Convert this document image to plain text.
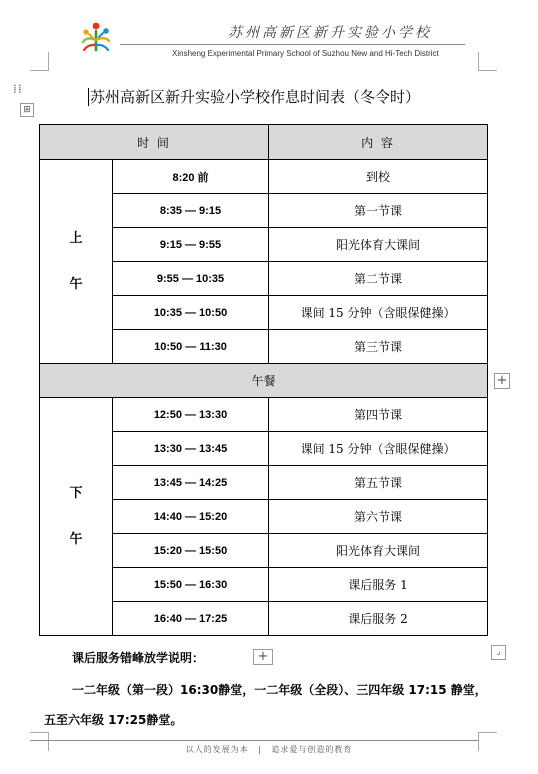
苏州高新区新升实验小学校
Xinsheng Experimental Primary School of Suzhou New and Hi-Tech District
⁞⁞
⊞
苏州高新区新升实验小学校作息时间表（冬令时）
时 间		内 容

上
午	8:20 前	到校
	8:35 — 9:15	第一节课
	9:15 — 9:55	阳光体育大课间
	9:55 — 10:35	第二节课
	10:35 — 10:50	课间 15 分钟（含眼保健操）
	10:50 — 11:30	第三节课
午餐		

下
午	12:50 — 13:30	第四节课
	13:30 — 13:45	课间 15 分钟（含眼保健操）
	13:45 — 14:25	第五节课
	14:40 — 15:20	第六节课
	15:20 — 15:50	阳光体育大课间
	15:50 — 16:30	课后服务 1
	16:40 — 17:25	课后服务 2
+
+	⌟
课后服务错峰放学说明：
一二年级（第一段）16:30静堂，一二年级（全段）、三四年级 17:15 静堂，五至六年级 17:25静堂。
以人的发展为本 | 追求爱与创造的教育
